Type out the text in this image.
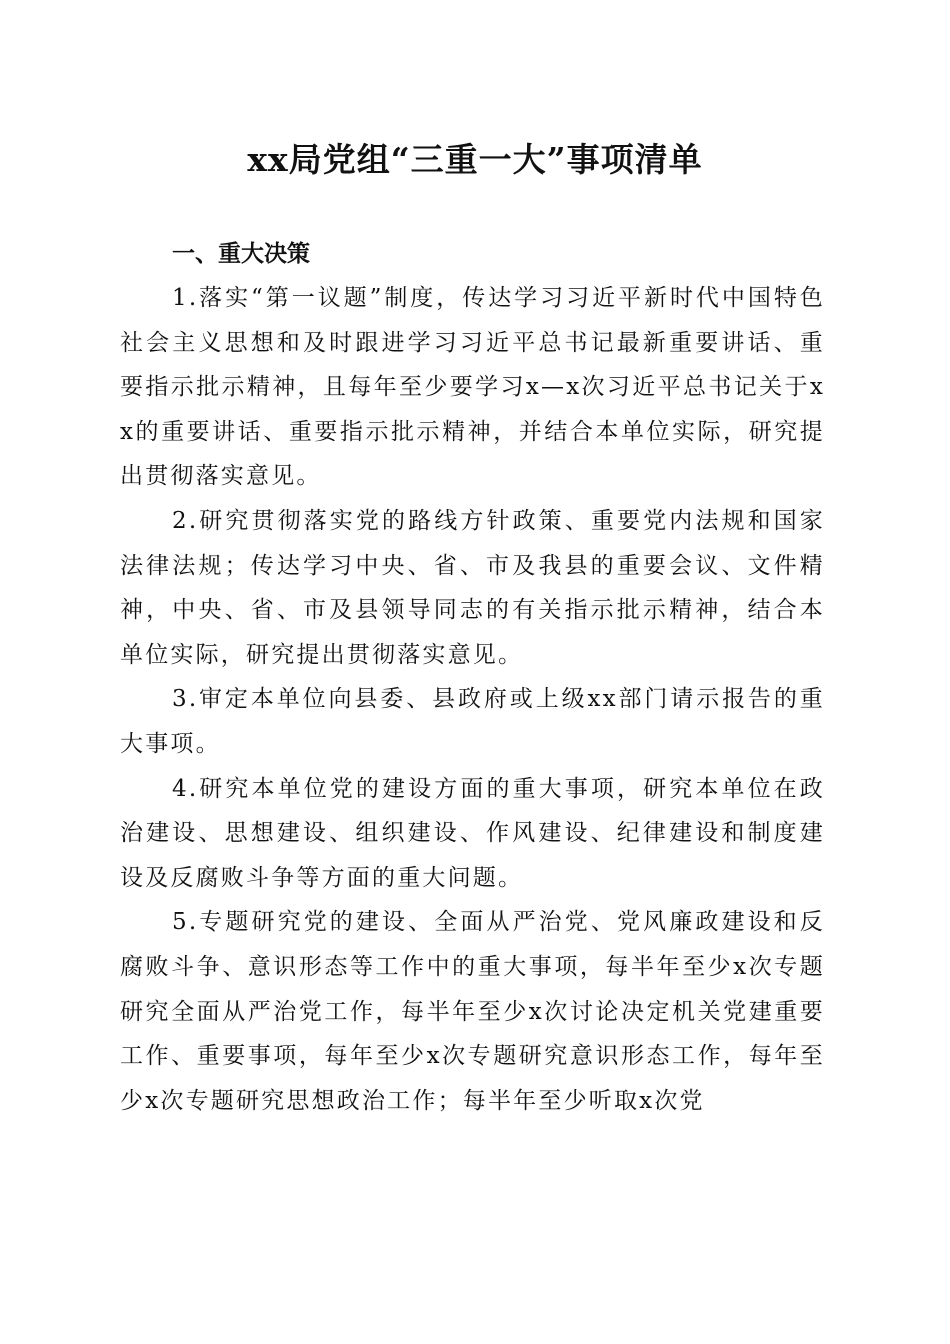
xx局党组“三重一大”事项清单

一、重大决策

1.落实“第一议题”制度，传达学习习近平新时代中国特色社会主义思想和及时跟进学习习近平总书记最新重要讲话、重要指示批示精神，且每年至少要学习x—x次习近平总书记关于xx的重要讲话、重要指示批示精神，并结合本单位实际，研究提出贯彻落实意见。

2.研究贯彻落实党的路线方针政策、重要党内法规和国家法律法规；传达学习中央、省、市及我县的重要会议、文件精神，中央、省、市及县领导同志的有关指示批示精神，结合本单位实际，研究提出贯彻落实意见。

3.审定本单位向县委、县政府或上级xx部门请示报告的重大事项。

4.研究本单位党的建设方面的重大事项，研究本单位在政治建设、思想建设、组织建设、作风建设、纪律建设和制度建设及反腐败斗争等方面的重大问题。

5.专题研究党的建设、全面从严治党、党风廉政建设和反腐败斗争、意识形态等工作中的重大事项，每半年至少x次专题研究全面从严治党工作，每半年至少x次讨论决定机关党建重要工作、重要事项，每年至少x次专题研究意识形态工作，每年至少x次专题研究思想政治工作；每半年至少听取x次党
